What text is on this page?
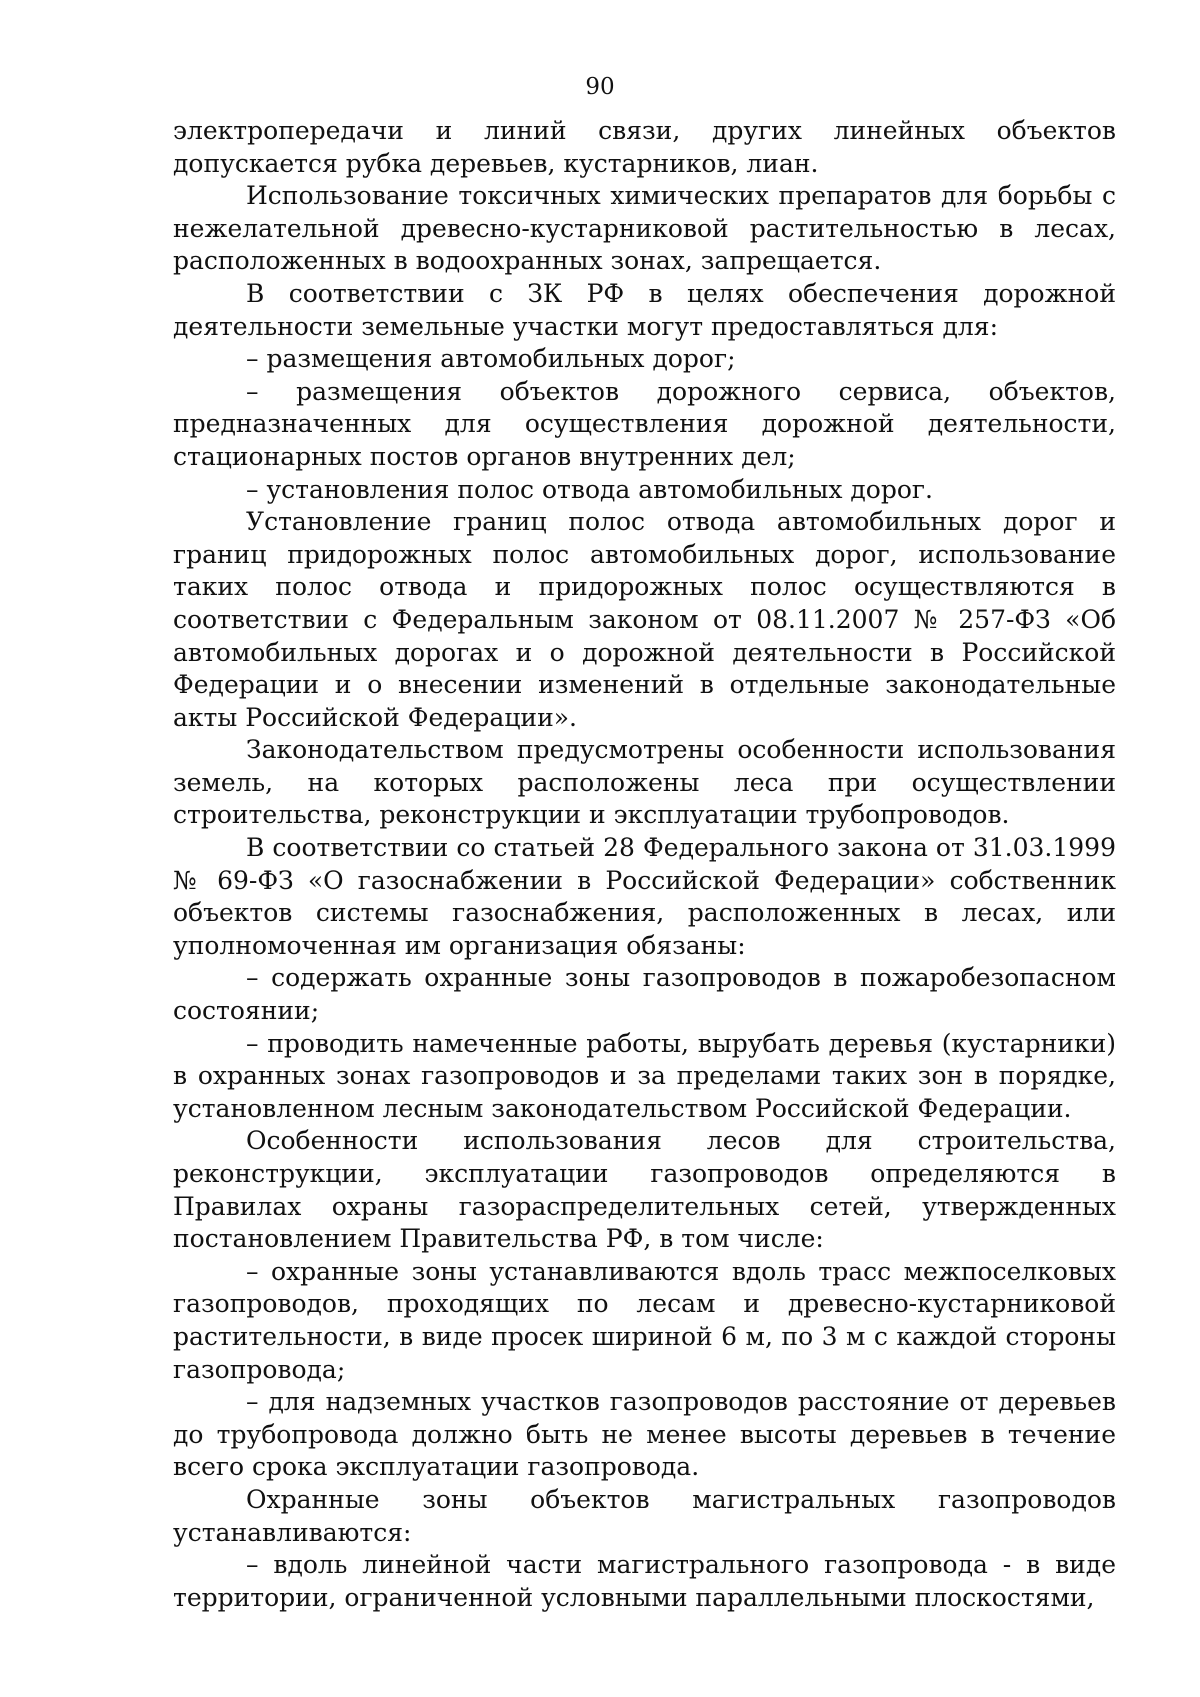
90

электропередачи и линий связи, других линейных объектов допускается рубка деревьев, кустарников, лиан.

Использование токсичных химических препаратов для борьбы с нежелательной древесно-кустарниковой растительностью в лесах, расположенных в водоохранных зонах, запрещается.

В соответствии с ЗК РФ в целях обеспечения дорожной деятельности земельные участки могут предоставляться для:

– размещения автомобильных дорог;

– размещения объектов дорожного сервиса, объектов, предназначенных для осуществления дорожной деятельности, стационарных постов органов внутренних дел;

– установления полос отвода автомобильных дорог.

Установление границ полос отвода автомобильных дорог и границ придорожных полос автомобильных дорог, использование таких полос отвода и придорожных полос осуществляются в соответствии с Федеральным законом от 08.11.2007 № 257-ФЗ «Об автомобильных дорогах и о дорожной деятельности в Российской Федерации и о внесении изменений в отдельные законодательные акты Российской Федерации».

Законодательством предусмотрены особенности использования земель, на которых расположены леса при осуществлении строительства, реконструкции и эксплуатации трубопроводов.

В соответствии со статьей 28 Федерального закона от 31.03.1999 № 69-ФЗ «О газоснабжении в Российской Федерации» собственник объектов системы газоснабжения, расположенных в лесах, или уполномоченная им организация обязаны:

– содержать охранные зоны газопроводов в пожаробезопасном состоянии;

– проводить намеченные работы, вырубать деревья (кустарники) в охранных зонах газопроводов и за пределами таких зон в порядке, установленном лесным законодательством Российской Федерации.

Особенности использования лесов для строительства, реконструкции, эксплуатации газопроводов определяются в Правилах охраны газораспределительных сетей, утвержденных постановлением Правительства РФ, в том числе:

– охранные зоны устанавливаются вдоль трасс межпоселковых газопроводов, проходящих по лесам и древесно-кустарниковой растительности, в виде просек шириной 6 м, по 3 м с каждой стороны газопровода;

– для надземных участков газопроводов расстояние от деревьев до трубопровода должно быть не менее высоты деревьев в течение всего срока эксплуатации газопровода.

Охранные зоны объектов магистральных газопроводов устанавливаются:

– вдоль линейной части магистрального газопровода - в виде территории, ограниченной условными параллельными плоскостями,
